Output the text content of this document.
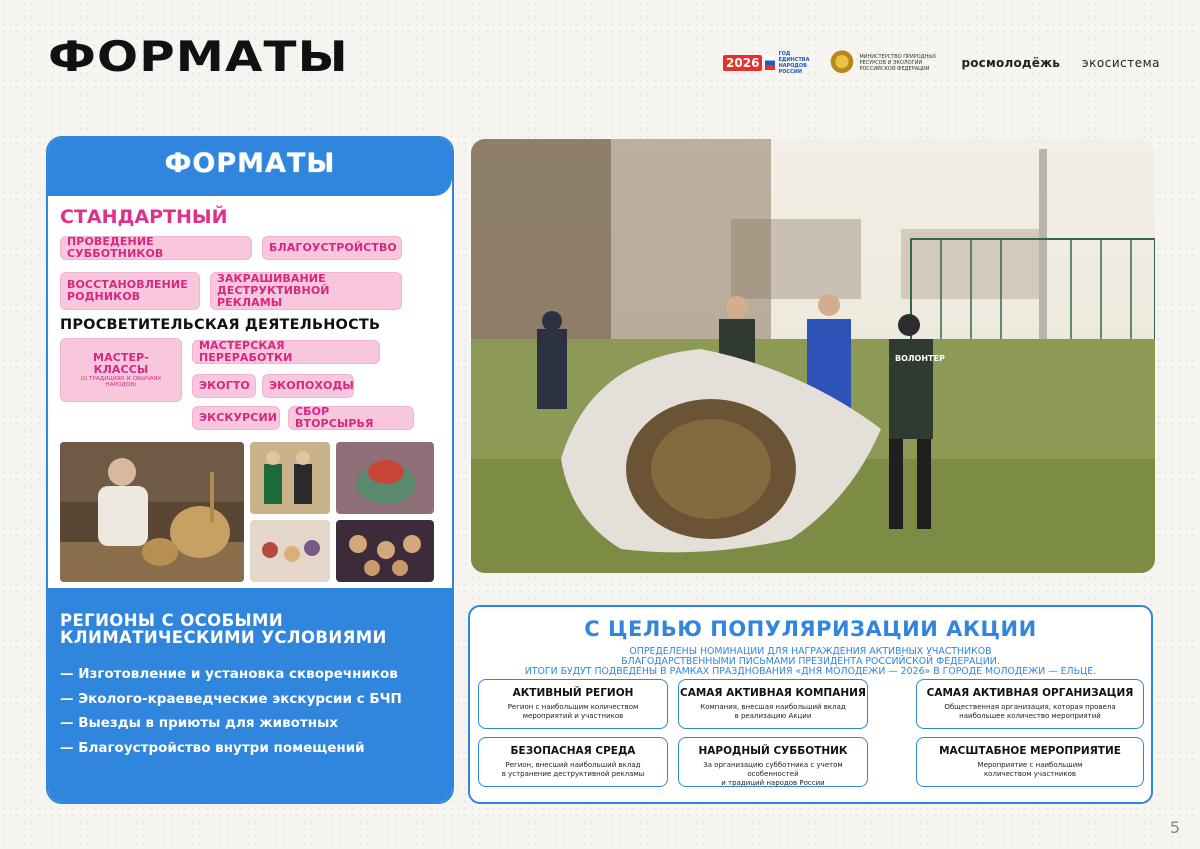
ФОРМАТЫ	2026
ГОД ЕДИНСТВА НАРОДОВ РОССИИ
МИНИСТЕРСТВО ПРИРОДНЫХ РЕСУРСОВ И ЭКОЛОГИИ РОССИЙСКОЙ ФЕДЕРАЦИИ	росмолодёжь экосистема
ФОРМАТЫ
СТАНДАРТНЫЙ
ПРОВЕДЕНИЕ СУББОТНИКОВ	БЛАГОУСТРОЙСТВО
ВОССТАНОВЛЕНИЕ РОДНИКОВ
ЗАКРАШИВАНИЕ ДЕСТРУКТИВНОЙ РЕКЛАМЫ
ПРОСВЕТИТЕЛЬСКАЯ ДЕЯТЕЛЬНОСТЬ
МАСТЕР-КЛАССЫ
(О ТРАДИЦИЯХ И ОБЫЧАЯХ НАРОДОВ)
МАСТЕРСКАЯ ПЕРЕРАБОТКИ
ЭКОГТО	ЭКОПОХОДЫ
ЭКСКУРСИИ	СБОР ВТОРСЫРЬЯ
РЕГИОНЫ С ОСОБЫМИ
КЛИМАТИЧЕСКИМИ УСЛОВИЯМИ
— Изготовление и установка скворечников
— Эколого-краеведческие экскурсии с БЧП
— Выезды в приюты для животных
— Благоустройство внутри помещений
ВОЛОНТЕР
С ЦЕЛЬЮ ПОПУЛЯРИЗАЦИИ АКЦИИ
ОПРЕДЕЛЕНЫ НОМИНАЦИИ ДЛЯ НАГРАЖДЕНИЯ АКТИВНЫХ УЧАСТНИКОВ
БЛАГОДАРСТВЕННЫМИ ПИСЬМАМИ ПРЕЗИДЕНТА РОССИЙСКОЙ ФЕДЕРАЦИИ.
ИТОГИ БУДУТ ПОДВЕДЕНЫ В РАМКАХ ПРАЗДНОВАНИЯ «ДНЯ МОЛОДЕЖИ — 2026» В ГОРОДЕ МОЛОДЕЖИ — ЕЛЬЦЕ.
АКТИВНЫЙ РЕГИОН
Регион с наибольшим количеством
мероприятий и участников
САМАЯ АКТИВНАЯ КОМПАНИЯ
Компания, внесшая наибольший вклад
в реализацию Акции
САМАЯ АКТИВНАЯ ОРГАНИЗАЦИЯ
Общественная организация, которая провела
наибольшее количество мероприятий
БЕЗОПАСНАЯ СРЕДА
Регион, внесший наибольший вклад
в устранение деструктивной рекламы
НАРОДНЫЙ СУББОТНИК
За организацию субботника с учетом особенностей
и традиций народов России
МАСШТАБНОЕ МЕРОПРИЯТИЕ
Мероприятие с наибольшим
количеством участников
5
